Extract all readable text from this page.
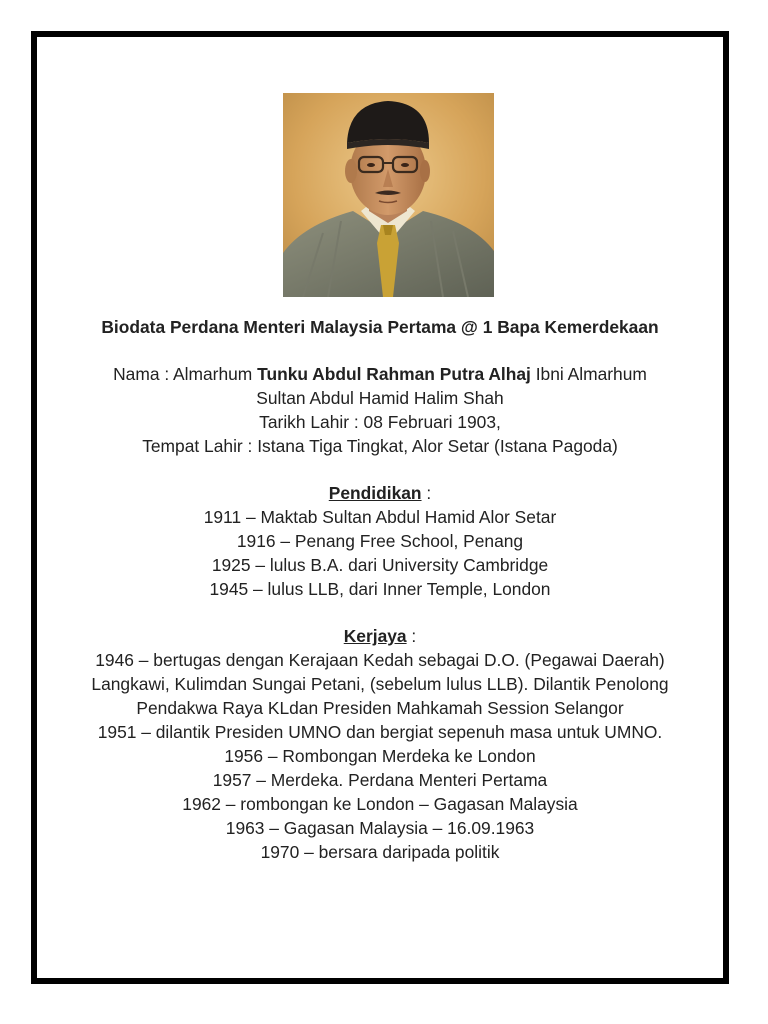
Biodata Perdana Menteri Malaysia Pertama @ 1 Bapa Kemerdekaan

Nama : Almarhum Tunku Abdul Rahman Putra Alhaj Ibni Almarhum Sultan Abdul Hamid Halim Shah

Tarikh Lahir : 08 Februari 1903,

Tempat Lahir : Istana Tiga Tingkat, Alor Setar (Istana Pagoda)

Pendidikan :

1911 – Maktab Sultan Abdul Hamid Alor Setar

1916 – Penang Free School, Penang

1925 – lulus B.A. dari University Cambridge

1945 – lulus LLB, dari Inner Temple, London

Kerjaya :

1946 – bertugas dengan Kerajaan Kedah sebagai D.O. (Pegawai Daerah) Langkawi, Kulimdan Sungai Petani, (sebelum lulus LLB). Dilantik Penolong Pendakwa Raya KLdan Presiden Mahkamah Session Selangor

1951 – dilantik Presiden UMNO dan bergiat sepenuh masa untuk UMNO.

1956 – Rombongan Merdeka ke London

1957 – Merdeka. Perdana Menteri Pertama

1962 – rombongan ke London – Gagasan Malaysia

1963 – Gagasan Malaysia – 16.09.1963

1970 – bersara daripada politik
